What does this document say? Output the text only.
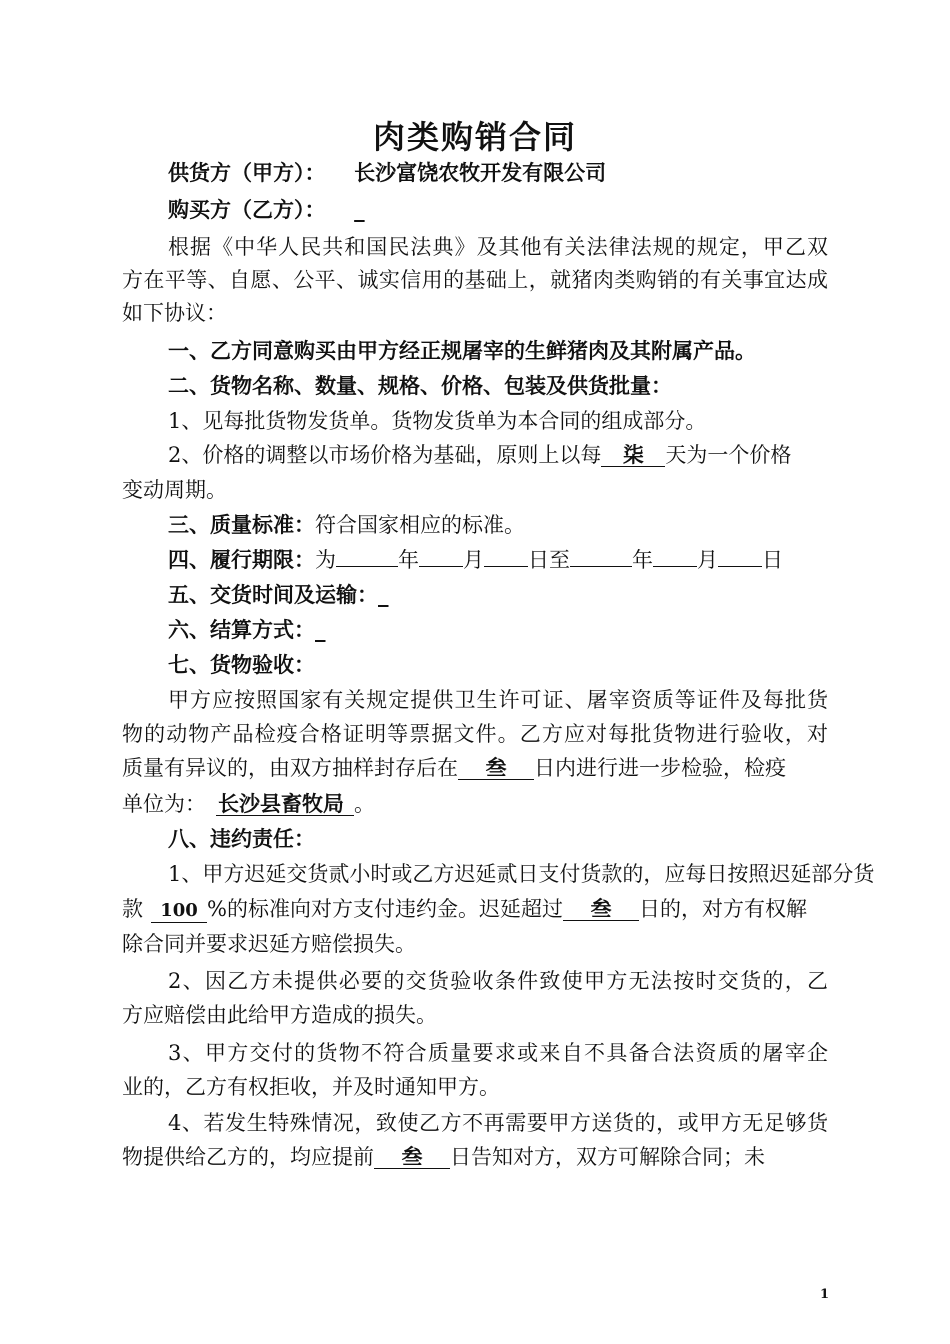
肉类购销合同
供货方（甲方）： 长沙富饶农牧开发有限公司
购买方（乙方）： _
根据《中华人民共和国民法典》及其他有关法律法规的规定，甲乙双
方在平等、自愿、公平、诚实信用的基础上，就猪肉类购销的有关事宜达成
如下协议：
一、乙方同意购买由甲方经正规屠宰的生鲜猪肉及其附属产品。
二、货物名称、数量、规格、价格、包装及供货批量：
1、见每批货物发货单。货物发货单为本合同的组成部分。
2、价格的调整以市场价格为基础，原则上以每 柒 天为一个价格
变动周期。
三、质量标准：符合国家相应的标准。
四、履行期限：为	年 月 日至	年 月 日
五、交货时间及运输：_
六、结算方式：_
七、货物验收：
甲方应按照国家有关规定提供卫生许可证、屠宰资质等证件及每批货
物的动物产品检疫合格证明等票据文件。乙方应对每批货物进行验收，对
质量有异议的，由双方抽样封存后在 叁 日内进行进一步检验，检疫
单位为： 长沙县畜牧局 。
八、违约责任：
1、甲方迟延交货贰小时或乙方迟延贰日支付货款的，应每日按照迟延部分货
款 100 %的标准向对方支付违约金。迟延超过 叁 日的，对方有权解
除合同并要求迟延方赔偿损失。
2、因乙方未提供必要的交货验收条件致使甲方无法按时交货的，乙
方应赔偿由此给甲方造成的损失。
3、甲方交付的货物不符合质量要求或来自不具备合法资质的屠宰企
业的，乙方有权拒收，并及时通知甲方。
4、若发生特殊情况，致使乙方不再需要甲方送货的，或甲方无足够货
物提供给乙方的，均应提前 叁 日告知对方，双方可解除合同；未
1
